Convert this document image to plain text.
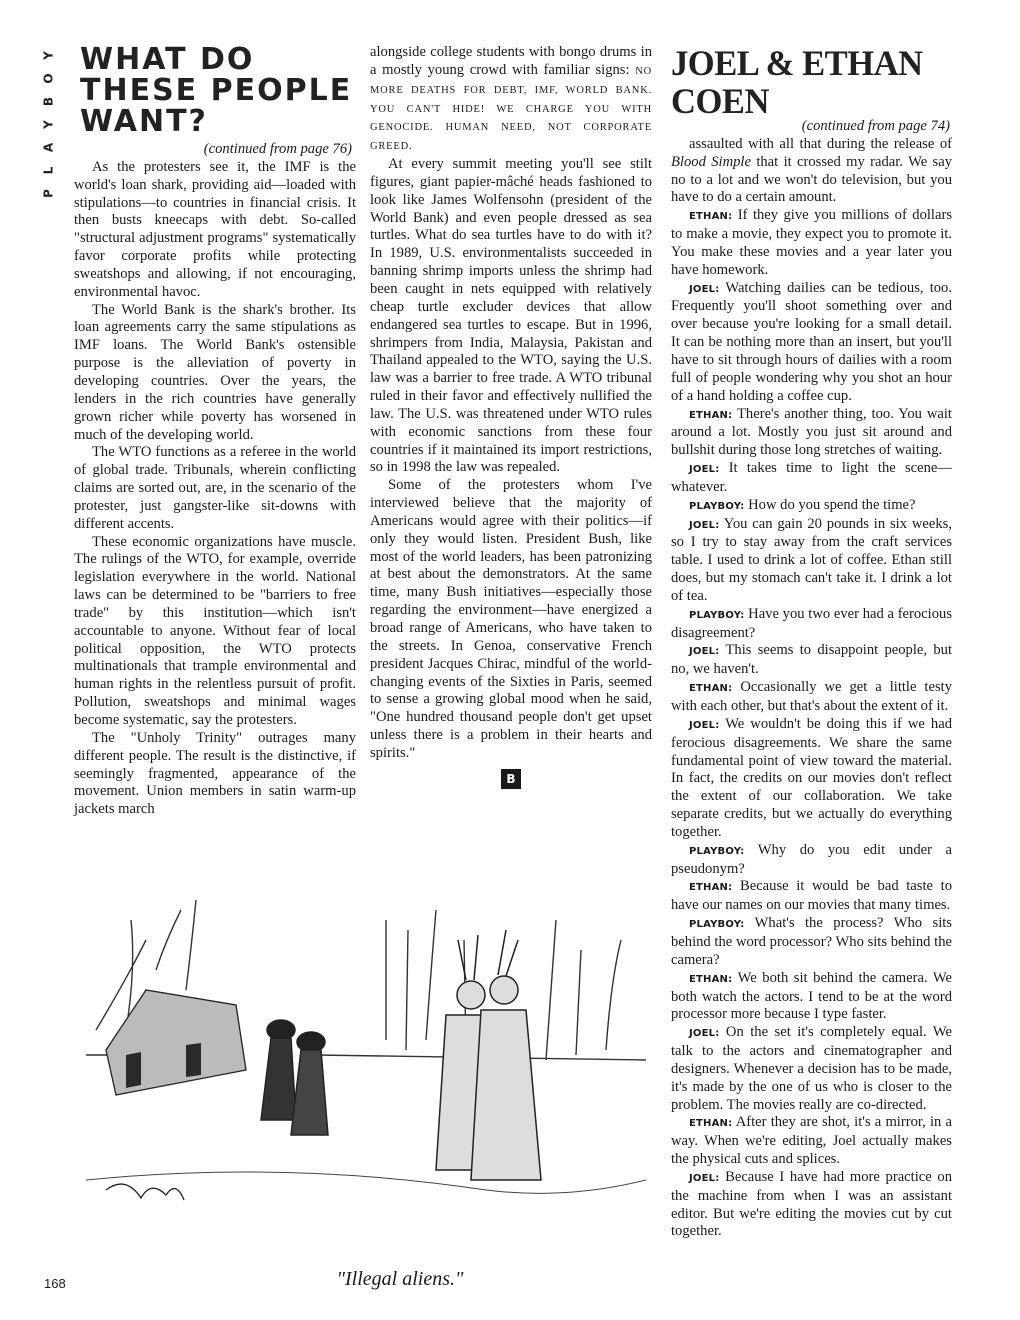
Y
O
B
Y
A
L
P
WHAT DO THESE PEOPLE WANT?
(continued from page 76)

As the protesters see it, the IMF is the world's loan shark, providing aid—loaded with stipulations—to countries in financial crisis. It then busts kneecaps with debt. So-called "structural adjustment programs" systematically favor corporate profits while protecting sweatshops and allowing, if not encouraging, environmental havoc.

The World Bank is the shark's brother. Its loan agreements carry the same stipulations as IMF loans. The World Bank's ostensible purpose is the alleviation of poverty in developing countries. Over the years, the lenders in the rich countries have generally grown richer while poverty has worsened in much of the developing world.

The WTO functions as a referee in the world of global trade. Tribunals, wherein conflicting claims are sorted out, are, in the scenario of the protester, just gangster-like sit-downs with different accents.

These economic organizations have muscle. The rulings of the WTO, for example, override legislation everywhere in the world. National laws can be determined to be "barriers to free trade" by this institution—which isn't accountable to anyone. Without fear of local political opposition, the WTO protects multinationals that trample environmental and human rights in the relentless pursuit of profit. Pollution, sweatshops and minimal wages become systematic, say the protesters.

The "Unholy Trinity" outrages many different people. The result is the distinctive, if seemingly fragmented, appearance of the movement. Union members in satin warm-up jackets march

alongside college students with bongo drums in a mostly young crowd with familiar signs: NO MORE DEATHS FOR DEBT, IMF, WORLD BANK. YOU CAN'T HIDE! WE CHARGE YOU WITH GENOCIDE. HUMAN NEED, NOT CORPORATE GREED.

At every summit meeting you'll see stilt figures, giant papier-mâché heads fashioned to look like James Wolfensohn (president of the World Bank) and even people dressed as sea turtles. What do sea turtles have to do with it? In 1989, U.S. environmentalists succeeded in banning shrimp imports unless the shrimp had been caught in nets equipped with relatively cheap turtle excluder devices that allow endangered sea turtles to escape. But in 1996, shrimpers from India, Malaysia, Pakistan and Thailand appealed to the WTO, saying the U.S. law was a barrier to free trade. A WTO tribunal ruled in their favor and effectively nullified the law. The U.S. was threatened under WTO rules with economic sanctions from these four countries if it maintained its import restrictions, so in 1998 the law was repealed.

Some of the protesters whom I've interviewed believe that the majority of Americans would agree with their politics—if only they would listen. President Bush, like most of the world leaders, has been patronizing at best about the demonstrators. At the same time, many Bush initiatives—especially those regarding the environment—have energized a broad range of Americans, who have taken to the streets. In Genoa, conservative French president Jacques Chirac, mindful of the world-changing events of the Sixties in Paris, seemed to sense a growing global mood when he said, "One hundred thousand people don't get upset unless there is a problem in their hearts and spirits."

B
JOEL & ETHAN COEN
(continued from page 74)

assaulted with all that during the release of Blood Simple that it crossed my radar. We say no to a lot and we won't do television, but you have to do a certain amount.

ETHAN: If they give you millions of dollars to make a movie, they expect you to promote it. You make these movies and a year later you have homework.

JOEL: Watching dailies can be tedious, too. Frequently you'll shoot something over and over because you're looking for a small detail. It can be nothing more than an insert, but you'll have to sit through hours of dailies with a room full of people wondering why you shot an hour of a hand holding a coffee cup.

ETHAN: There's another thing, too. You wait around a lot. Mostly you just sit around and bullshit during those long stretches of waiting.

JOEL: It takes time to light the scene—whatever.

PLAYBOY: How do you spend the time?

JOEL: You can gain 20 pounds in six weeks, so I try to stay away from the craft services table. I used to drink a lot of coffee. Ethan still does, but my stomach can't take it. I drink a lot of tea.

PLAYBOY: Have you two ever had a ferocious disagreement?

JOEL: This seems to disappoint people, but no, we haven't.

ETHAN: Occasionally we get a little testy with each other, but that's about the extent of it.

JOEL: We wouldn't be doing this if we had ferocious disagreements. We share the same fundamental point of view toward the material. In fact, the credits on our movies don't reflect the extent of our collaboration. We take separate credits, but we actually do everything together.

PLAYBOY: Why do you edit under a pseudonym?

ETHAN: Because it would be bad taste to have our names on our movies that many times.

PLAYBOY: What's the process? Who sits behind the word processor? Who sits behind the camera?

ETHAN: We both sit behind the camera. We both watch the actors. I tend to be at the word processor more because I type faster.

JOEL: On the set it's completely equal. We talk to the actors and cinematographer and designers. Whenever a decision has to be made, it's made by the one of us who is closer to the problem. The movies really are co-directed.

ETHAN: After they are shot, it's a mirror, in a way. When we're editing, Joel actually makes the physical cuts and splices.

JOEL: Because I have had more practice on the machine from when I was an assistant editor. But we're editing the movies cut by cut together.

"Illegal aliens."
168
